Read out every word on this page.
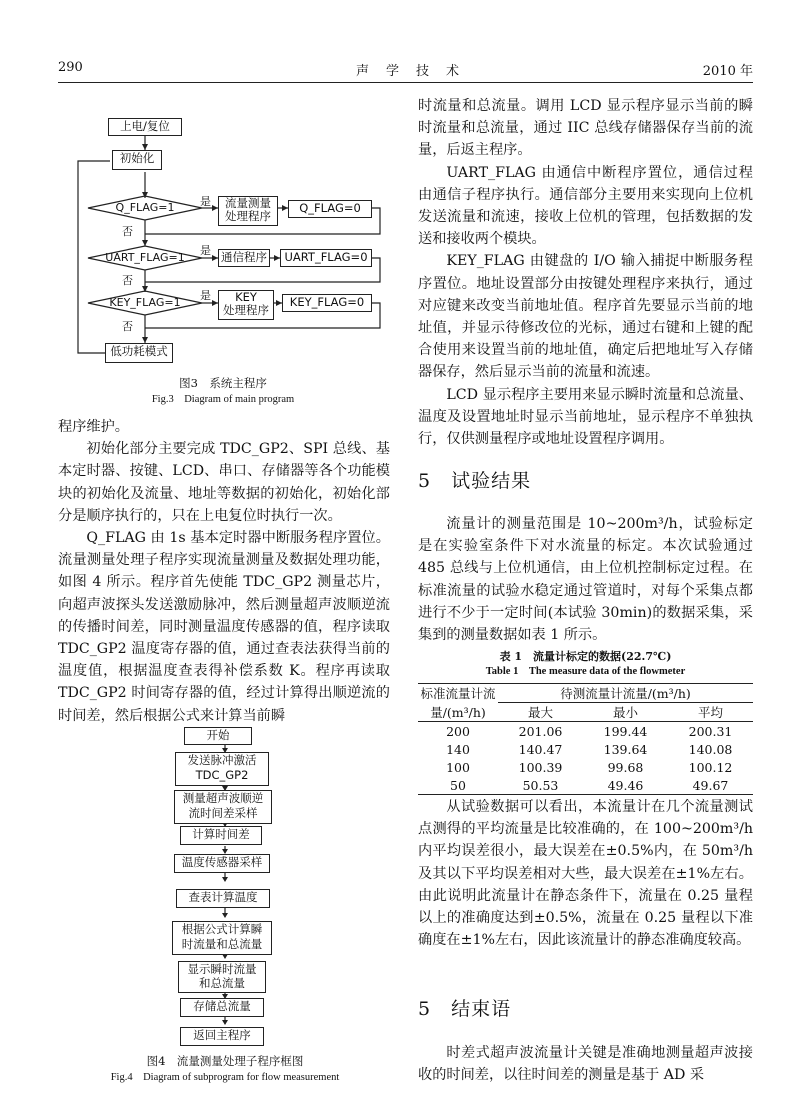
290	声　学　技　术	2010 年
上电/复位
初始化
Q_FLAG=1	流量测量
处理程序
Q_FLAG=0
UART_FLAG=1	通信程序	UART_FLAG=0
KEY_FLAG=1	KEY
处理程序
KEY_FLAG=0
低功耗模式
是
是
是
否
否
否
图3　系统主程序
Fig.3　Diagram of main program

程序维护。

初始化部分主要完成 TDC_GP2、SPI 总线、基本定时器、按键、LCD、串口、存储器等各个功能模块的初始化及流量、地址等数据的初始化，初始化部分是顺序执行的，只在上电复位时执行一次。

Q_FLAG 由 1s 基本定时器中断服务程序置位。流量测量处理子程序实现流量测量及数据处理功能，如图 4 所示。程序首先使能 TDC_GP2 测量芯片，向超声波探头发送激励脉冲，然后测量超声波顺逆流的传播时间差，同时测量温度传感器的值，程序读取 TDC_GP2 温度寄存器的值，通过查表法获得当前的温度值，根据温度查表得补偿系数 K。程序再读取 TDC_GP2 时间寄存器的值，经过计算得出顺逆流的时间差，然后根据公式来计算当前瞬

开始
发送脉冲激活
TDC_GP2
测量超声波顺逆
流时间差采样
计算时间差
温度传感器采样
查表计算温度
根据公式计算瞬
时流量和总流量
显示瞬时流量
和总流量
存储总流量
返回主程序
图4　流量测量处理子程序框图
Fig.4　Diagram of subprogram for flow measurement

时流量和总流量。调用 LCD 显示程序显示当前的瞬时流量和总流量，通过 IIC 总线存储器保存当前的流量，后返主程序。

UART_FLAG 由通信中断程序置位，通信过程由通信子程序执行。通信部分主要用来实现向上位机发送流量和流速，接收上位机的管理，包括数据的发送和接收两个模块。

KEY_FLAG 由键盘的 I/O 输入捕捉中断服务程序置位。地址设置部分由按键处理程序来执行，通过对应键来改变当前地址值。程序首先要显示当前的地址值，并显示待修改位的光标，通过右键和上键的配合使用来设置当前的地址值，确定后把地址写入存储器保存，然后显示当前的流量和流速。

LCD 显示程序主要用来显示瞬时流量和总流量、温度及设置地址时显示当前地址，显示程序不单独执行，仅供测量程序或地址设置程序调用。

5　试验结果

流量计的测量范围是 10~200m³/h，试验标定是在实验室条件下对水流量的标定。本次试验通过 485 总线与上位机通信，由上位机控制标定过程。在标准流量的试验水稳定通过管道时，对每个采集点都进行不少于一定时间(本试验 30min)的数据采集，采集到的测量数据如表 1 所示。

表 1　流量计标定的数据(22.7℃)
Table 1　The measure data of the flowmeter
标准流量计流	待测流量计流量/(m³/h)		
量/(m³/h)	最大	最小	平均
200	201.06	199.44	200.31
140	140.47	139.64	140.08
100	100.39	99.68	100.12
50	50.53	49.46	49.67

从试验数据可以看出，本流量计在几个流量测试点测得的平均流量是比较准确的，在 100~200m³/h 内平均误差很小，最大误差在±0.5%内，在 50m³/h 及其以下平均误差相对大些，最大误差在±1%左右。由此说明此流量计在静态条件下，流量在 0.25 量程以上的准确度达到±0.5%，流量在 0.25 量程以下准确度在±1%左右，因此该流量计的静态准确度较高。

5　结束语

时差式超声波流量计关键是准确地测量超声波接收的时间差，以往时间差的测量是基于 AD 采
